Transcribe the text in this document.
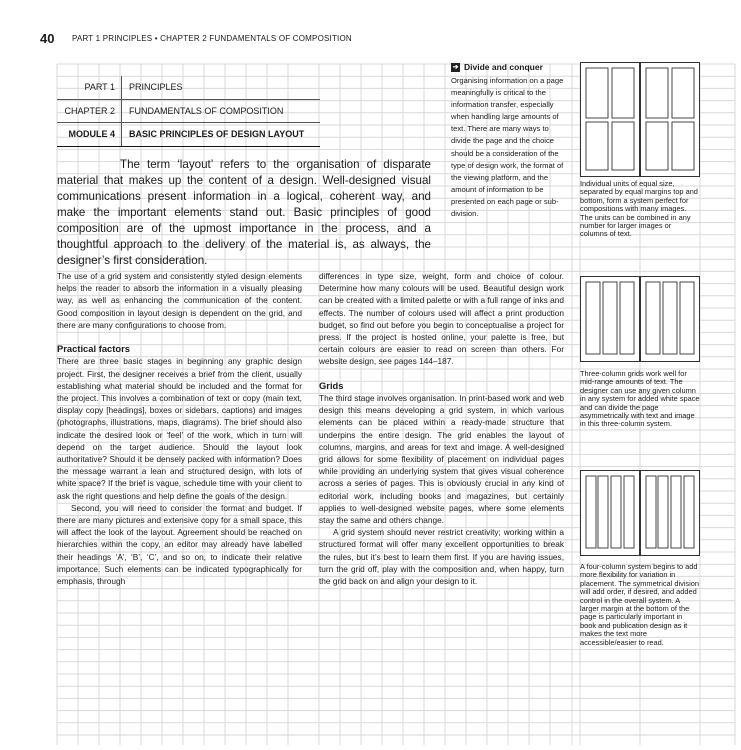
40 PART 1 PRINCIPLES • CHAPTER 2 FUNDAMENTALS OF COMPOSITION
PART 1	PRINCIPLES
CHAPTER 2	FUNDAMENTALS OF COMPOSITION
MODULE 4	BASIC PRINCIPLES OF DESIGN LAYOUT
The term ‘layout’ refers to the organisation of disparate material that makes up the content of a design. Well-designed visual communications present information in a logical, coherent way, and make the important elements stand out. Basic principles of good composition are of the upmost importance in the process, and a thoughtful approach to the delivery of the material is, as always, the designer’s first consideration.
➔ Divide and conquer
Organising information on a page meaningfully is critical to the information transfer, especially when handling large amounts of text. There are many ways to divide the page and the choice should be a consideration of the type of design work, the format of the viewing platform, and the amount of information to be presented on each page or sub-division.

The use of a grid system and consistently styled design elements helps the reader to absorb the information in a visually pleasing way, as well as enhancing the communication of the content. Good composition in layout design is dependent on the grid, and there are many configurations to choose from.

Practical factors

There are three basic stages in beginning any graphic design project. First, the designer receives a brief from the client, usually establishing what material should be included and the format for the project. This involves a combination of text or copy (main text, display copy [headings], boxes or sidebars, captions) and images (photographs, illustrations, maps, diagrams). The brief should also indicate the desired look or ‘feel’ of the work, which in turn will depend on the target audience. Should the layout look authoritative? Should it be densely packed with information? Does the message warrant a lean and structured design, with lots of white space? If the brief is vague, schedule time with your client to ask the right questions and help define the goals of the design.

Second, you will need to consider the format and budget. If there are many pictures and extensive copy for a small space, this will affect the look of the layout. Agreement should be reached on hierarchies within the copy, an editor may already have labelled their headings ‘A’, ‘B’, ‘C’, and so on, to indicate their relative importance. Such elements can be indicated typographically for emphasis, through

differences in type size, weight, form and choice of colour. Determine how many colours will be used. Beautiful design work can be created with a limited palette or with a full range of inks and effects. The number of colours used will affect a print production budget, so find out before you begin to conceptualise a project for press. If the project is hosted online, your palette is free, but certain colours are easier to read on screen than others. For website design, see pages 144–187.

Grids

The third stage involves organisation. In print-based work and web design this means developing a grid system, in which various elements can be placed within a ready-made structure that underpins the entire design. The grid enables the layout of columns, margins, and areas for text and image. A well-designed grid allows for some flexibility of placement on individual pages while providing an underlying system that gives visual coherence across a series of pages. This is obviously crucial in any kind of editorial work, including books and magazines, but certainly applies to well-designed website pages, where some elements stay the same and others change.

A grid system should never restrict creativity; working within a structured format will offer many excellent opportunities to break the rules, but it’s best to learn them first. If you are having issues, turn the grid off, play with the composition and, when happy, turn the grid back on and align your design to it.

Individual units of equal size, separated by equal margins top and bottom, form a system perfect for compositions with many images. The units can be combined in any number for larger images or columns of text.
Three-column grids work well for mid-range amounts of text. The designer can use any given column in any system for added white space and can divide the page asymmetrically with text and image in this three-column system.
A four-column system begins to add more flexibility for variation in placement. The symmetrical division will add order, if desired, and added control in the overall system. A larger margin at the bottom of the page is particularly important in book and publication design as it makes the text more accessible/easier to read.
